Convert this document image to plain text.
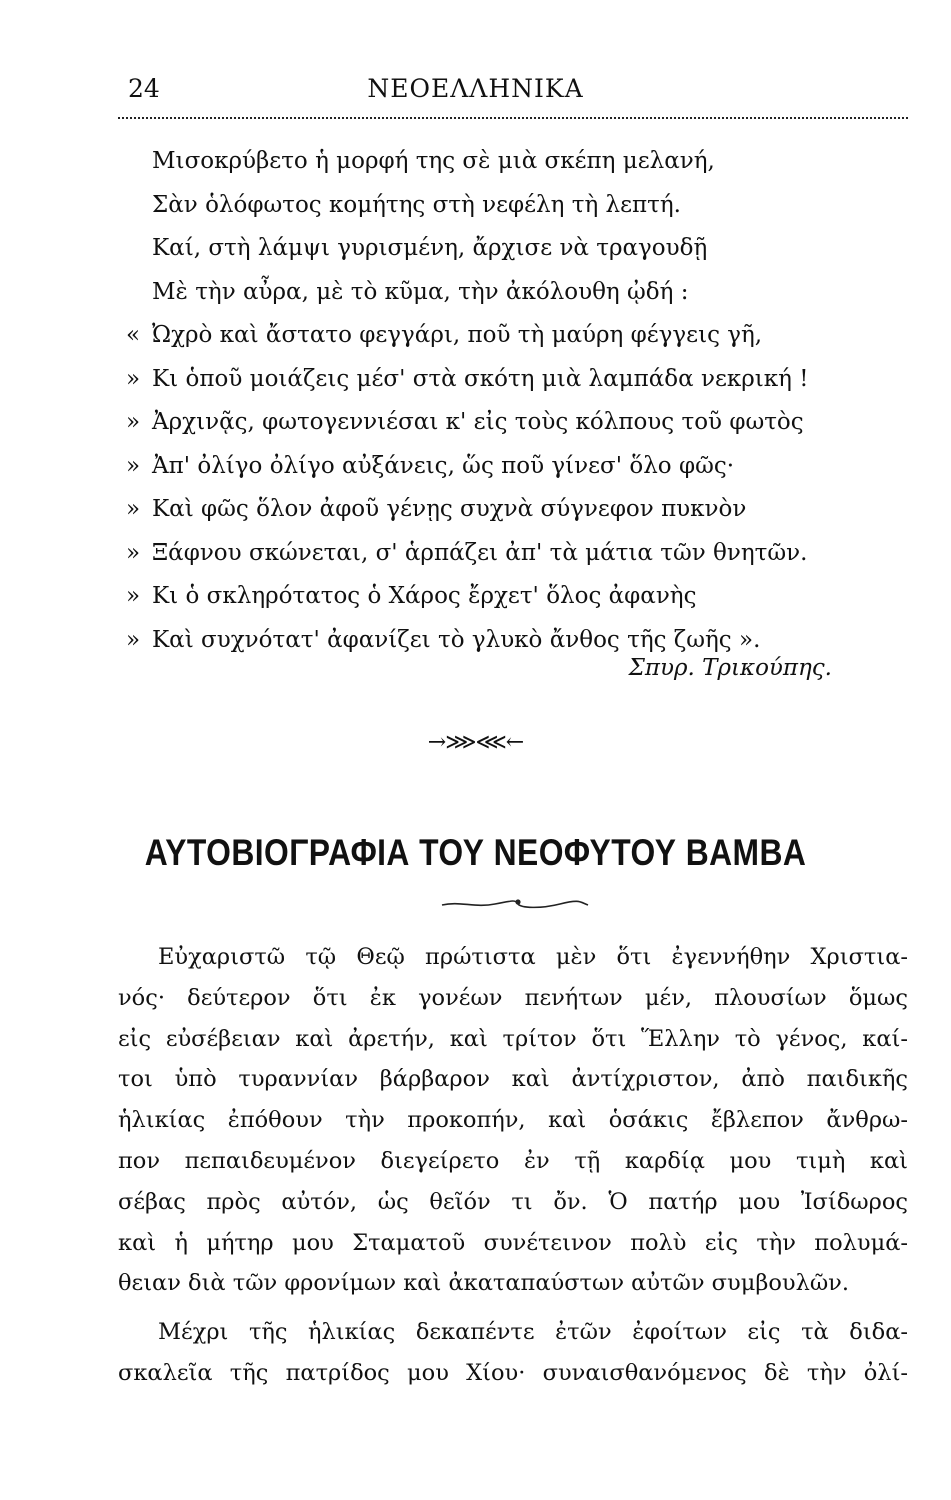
24	ΝΕΟΕΛΛΗΝΙΚΑ
Μισοκρύβετο ἡ μορφή της σὲ μιὰ σκέπη μελανή,
Σὰν ὁλόφωτος κομήτης στὴ νεφέλη τὴ λεπτή.
Καί, στὴ λάμψι γυρισμένη, ἄρχισε νὰ τραγουδῇ
Μὲ τὴν αὖρα, μὲ τὸ κῦμα, τὴν ἀκόλουθη ᾠδή :
« Ὠχρὸ καὶ ἄστατο φεγγάρι, ποῦ τὴ μαύρη φέγγεις γῆ,
» Κι ὁποῦ μοιάζεις μέσ' στὰ σκότη μιὰ λαμπάδα νεκρική !
» Ἀρχινᾷς, φωτογεννιέσαι κ' εἰς τοὺς κόλπους τοῦ φωτὸς
» Ἀπ' ὀλίγο ὀλίγο αὐξάνεις, ὥς ποῦ γίνεσ' ὅλο φῶς·
» Καὶ φῶς ὅλον ἀφοῦ γένῃς συχνὰ σύγνεφον πυκνὸν
» Ξάφνου σκώνεται, σ' ἁρπάζει ἀπ' τὰ μάτια τῶν θνητῶν.
» Κι ὁ σκληρότατος ὁ Χάρος ἔρχετ' ὅλος ἀφανὴς
» Καὶ συχνότατ' ἀφανίζει τὸ γλυκὸ ἄνθος τῆς ζωῆς ».
Σπυρ. Τρικούπης.
→⋙⋘←
ΑΥΤΟΒΙΟΓΡΑΦΙΑ ΤΟΥ ΝΕΟΦΥΤΟΥ ΒΑΜΒΑ
Εὐχαριστῶ τῷ Θεῷ πρώτιστα μὲν ὅτι ἐγεννήθην Χριστια-
νός· δεύτερον ὅτι ἐκ γονέων πενήτων μέν, πλουσίων ὅμως
εἰς εὐσέβειαν καὶ ἀρετήν, καὶ τρίτον ὅτι Ἕλλην τὸ γένος, καί-
τοι ὑπὸ τυραννίαν βάρβαρον καὶ ἀντίχριστον, ἀπὸ παιδικῆς
ἡλικίας ἐπόθουν τὴν προκοπήν, καὶ ὁσάκις ἔβλεπον ἄνθρω-
πον πεπαιδευμένον διεγείρετο ἐν τῇ καρδίᾳ μου τιμὴ καὶ
σέβας πρὸς αὐτόν, ὡς θεῖόν τι ὄν. Ὁ πατήρ μου Ἰσίδωρος
καὶ ἡ μήτηρ μου Σταματοῦ συνέτεινον πολὺ εἰς τὴν πολυμά-
θειαν διὰ τῶν φρονίμων καὶ ἀκαταπαύστων αὐτῶν συμβουλῶν.
Μέχρι τῆς ἡλικίας δεκαπέντε ἐτῶν ἐφοίτων εἰς τὰ διδα-
σκαλεῖα τῆς πατρίδος μου Χίου· συναισθανόμενος δὲ τὴν ὀλί-
